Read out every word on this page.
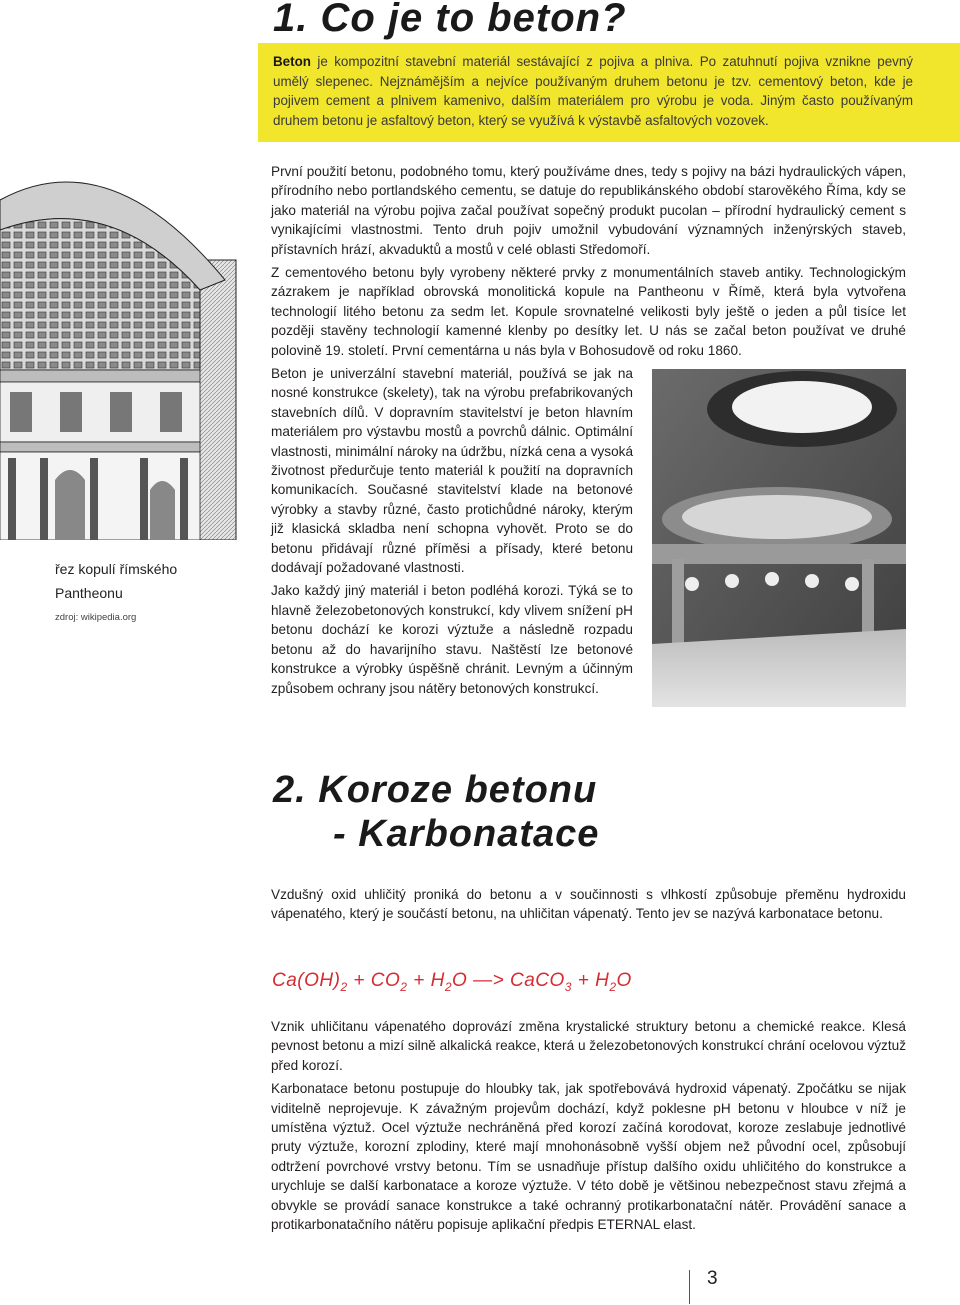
1. Co je to beton?

Beton je kompozitní stavební materiál sestávající z pojiva a plniva. Po zatuhnutí pojiva vznikne pevný umělý slepenec. Nejznámějším a nejvíce používaným druhem betonu je tzv. cementový beton, kde je pojivem cement a plnivem kamenivo, dalším materiálem pro výrobu je voda. Jiným často používaným druhem betonu je asfaltový beton, který se využívá k výstavbě asfaltových vozovek.

řez kopulí římského Pantheonu
zdroj: wikipedia.org

První použití betonu, podobného tomu, který používáme dnes, tedy s pojivy na bázi hydraulických vápen, přírodního nebo portlandského cementu, se datuje do republikánského období starověkého Říma, kdy se jako materiál na výrobu pojiva začal používat sopečný produkt pucolan – přírodní hydraulický cement s vynikajícími vlastnostmi. Tento druh pojiv umožnil vybudování významných inženýrských staveb, přístavních hrází, akvaduktů a mostů v celé oblasti Středomoří.

Z cementového betonu byly vyrobeny některé prvky z monumentálních staveb antiky. Technologickým zázrakem je například obrovská monolitická kopule na Pantheonu v Římě, která byla vytvořena technologií litého betonu za sedm let. Kopule srovnatelné velikosti byly ještě o jeden a půl tisíce let později stavěny technologií kamenné klenby po desítky let. U nás se začal beton používat ve druhé polovině 19. století. První cementárna u nás byla v Bohosudově od roku 1860.

Beton je univerzální stavební materiál, používá se jak na nosné konstrukce (skelety), tak na výrobu prefabrikovaných stavebních dílů. V dopravním stavitelství je beton hlavním materiálem pro výstavbu mostů a povrchů dálnic. Optimální vlastnosti, minimální nároky na údržbu, nízká cena a vysoká životnost předurčuje tento materiál k použití na dopravních komunikacích. Současné stavitelství klade na betonové výrobky a stavby různé, často protichůdné nároky, kterým již klasická skladba není schopna vyhovět. Proto se do betonu přidávají různé příměsi a přísady, které betonu dodávají požadované vlastnosti.

Jako každý jiný materiál i beton podléhá korozi. Týká se to hlavně železobetonových konstrukcí, kdy vlivem snížení pH betonu dochází ke korozi výztuže a následně rozpadu betonu až do havarijního stavu. Naštěstí lze betonové konstrukce a výrobky úspěšně chránit. Levným a účinným způsobem ochrany jsou nátěry betonových konstrukcí.

2. Koroze betonu
- Karbonatace

Vzdušný oxid uhličitý proniká do betonu a v součinnosti s vlhkostí způsobuje přeměnu hydroxidu vápenatého, který je součástí betonu, na uhličitan vápenatý. Tento jev se nazývá karbonatace betonu.

$Ca(OH)_2 + CO_2 + H_2O$ —> CaCO$_3$ + $H_2O$

Vznik uhličitanu vápenatého doprovází změna krystalické struktury betonu a chemické reakce. Klesá pevnost betonu a mizí silně alkalická reakce, která u železobetonových konstrukcí chrání ocelovou výztuž před korozí.

Karbonatace betonu postupuje do hloubky tak, jak spotřebovává hydroxid vápenatý. Zpočátku se nijak viditelně neprojevuje. K závažným projevům dochází, když poklesne pH betonu v hloubce v níž je umístěna výztuž. Ocel výztuže nechráněná před korozí začíná korodovat, koroze zeslabuje jednotlivé pruty výztuže, korozní zplodiny, které mají mnohonásobně vyšší objem než původní ocel, způsobují odtržení povrchové vrstvy betonu. Tím se usnadňuje přístup dalšího oxidu uhličitého do konstrukce a urychluje se další karbonatace a koroze výztuže. V této době je většinou nebezpečnost stavu zřejmá a obvykle se provádí sanace konstrukce a také ochranný protikarbonatační nátěr. Provádění sanace a protikarbonatačního nátěru popisuje aplikační předpis ETERNAL elast.

3
